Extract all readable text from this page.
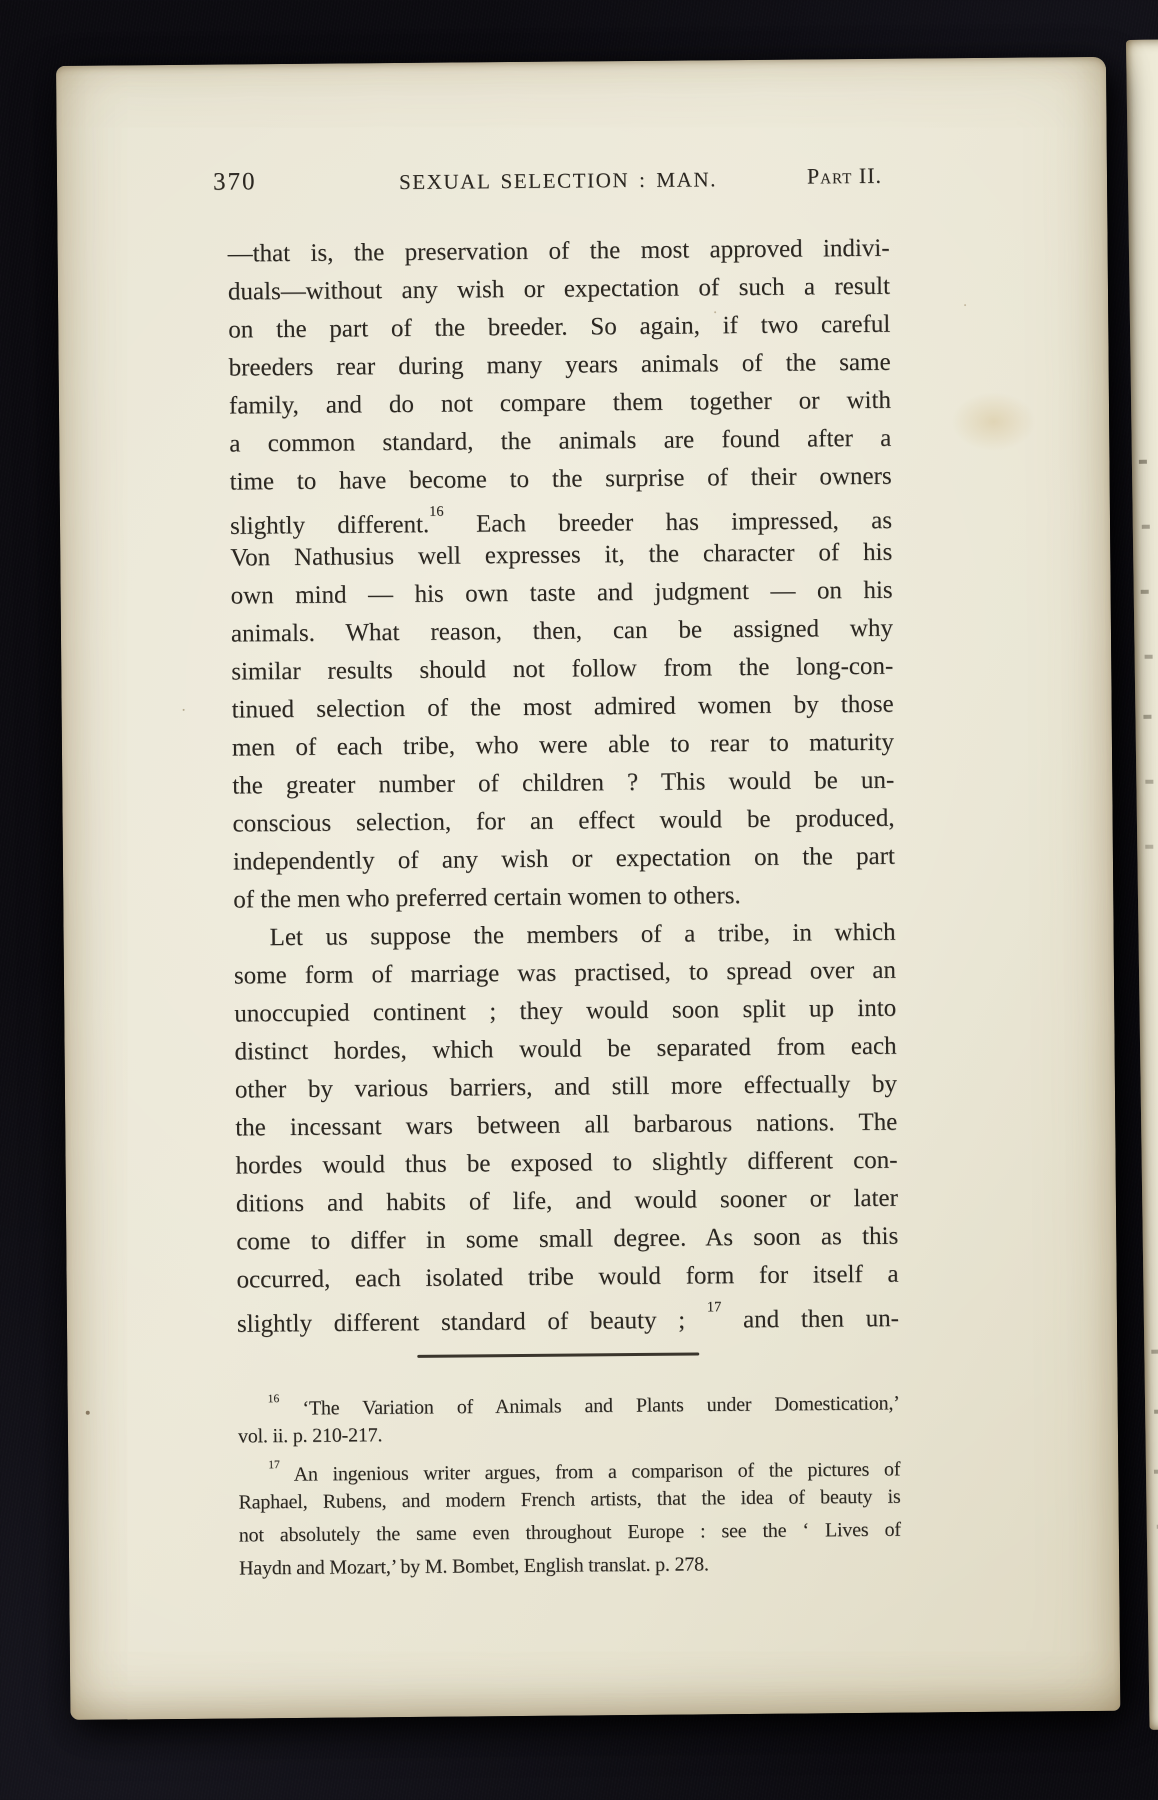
370	SEXUAL SELECTION : MAN.	Part II.
—that is, the preservation of the most approved indivi-
duals—without any wish or expectation of such a result
on the part of the breeder. So again, if two careful
breeders rear during many years animals of the same
family, and do not compare them together or with
a common standard, the animals are found after a
time to have become to the surprise of their owners
slightly different.$^{16}$ Each breeder has impressed, as
Von Nathusius well expresses it, the character of his
own mind — his own taste and judgment — on his
animals. What reason, then, can be assigned why
similar results should not follow from the long-con-
tinued selection of the most admired women by those
men of each tribe, who were able to rear to maturity
the greater number of children ? This would be un-
conscious selection, for an effect would be produced,
independently of any wish or expectation on the part
of the men who preferred certain women to others.
Let us suppose the members of a tribe, in which
some form of marriage was practised, to spread over an
unoccupied continent ; they would soon split up into
distinct hordes, which would be separated from each
other by various barriers, and still more effectually by
the incessant wars between all barbarous nations. The
hordes would thus be exposed to slightly different con-
ditions and habits of life, and would sooner or later
come to differ in some small degree. As soon as this
occurred, each isolated tribe would form for itself a
slightly different standard of beauty ; $^{17}$ and then un-
$^{16}$ ‘The Variation of Animals and Plants under Domestication,’
vol. ii. p. 210-217.
$^{17}$ An ingenious writer argues, from a comparison of the pictures of
Raphael, Rubens, and modern French artists, that the idea of beauty is
not absolutely the same even throughout Europe : see the ‘ Lives of
Haydn and Mozart,’ by M. Bombet, English translat. p. 278.
